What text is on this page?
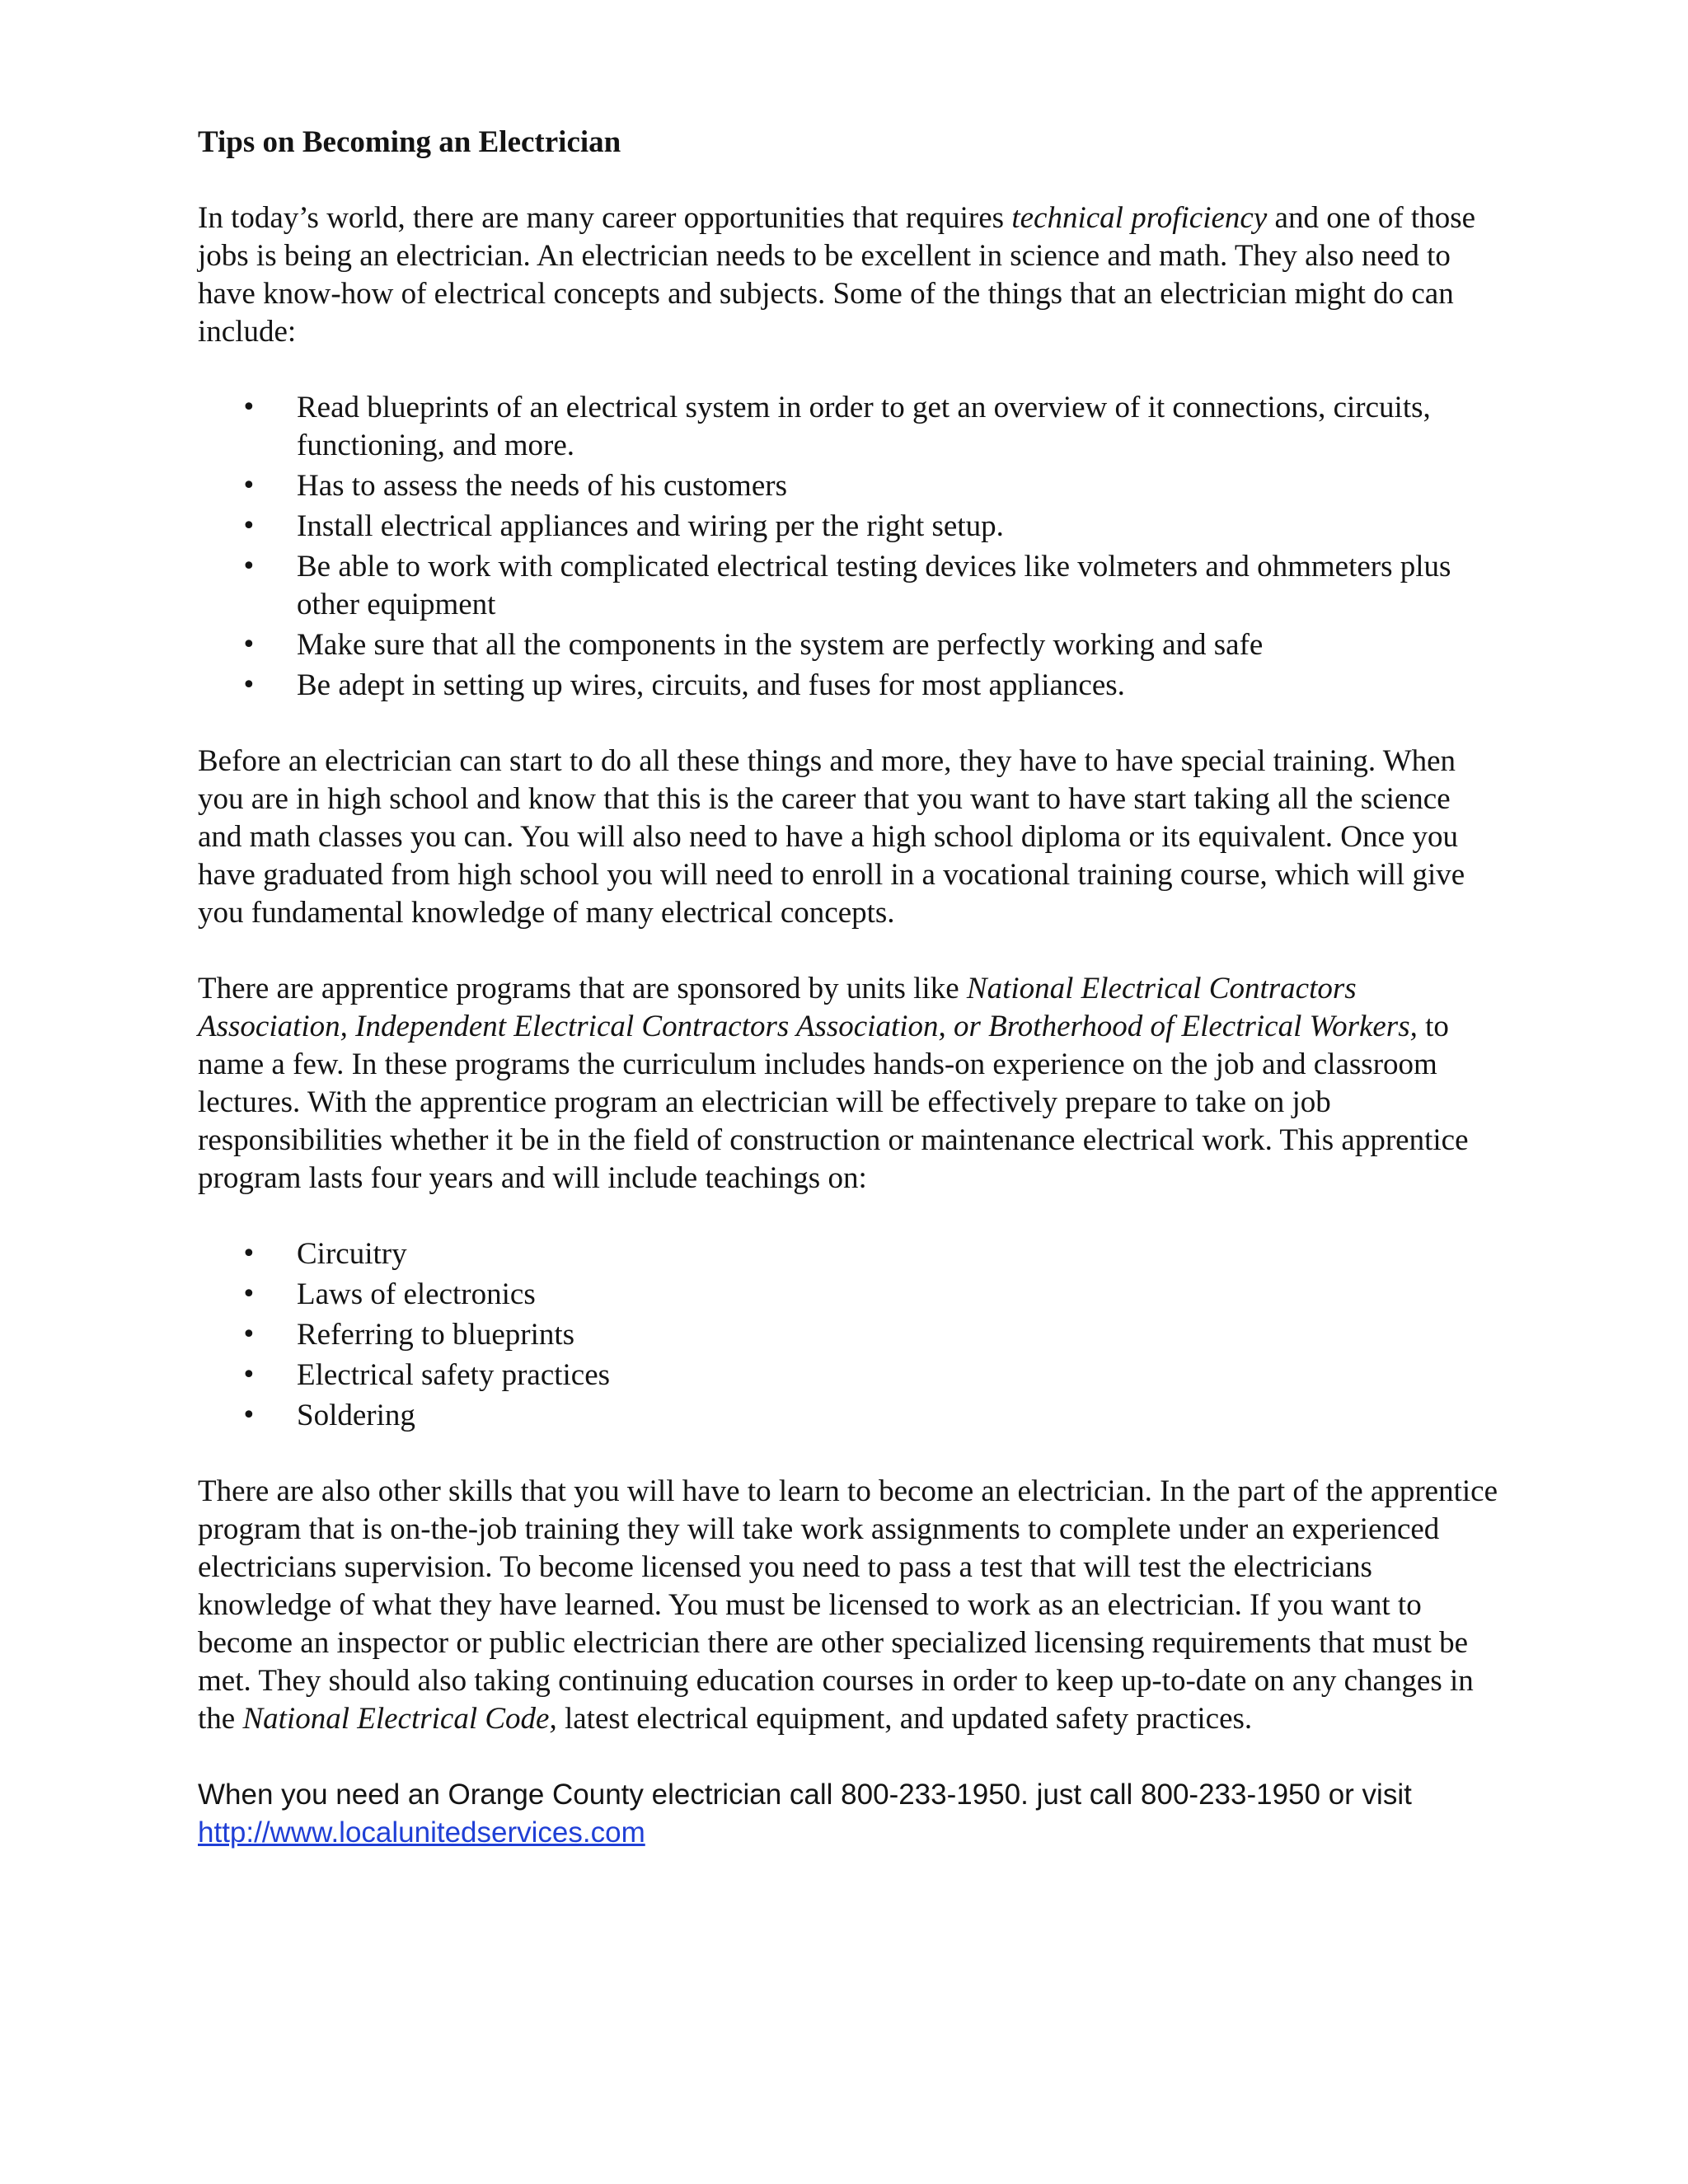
Tips on Becoming an Electrician

In today’s world, there are many career opportunities that requires technical proficiency and one of those jobs is being an electrician. An electrician needs to be excellent in science and math. They also need to have know-how of electrical concepts and subjects. Some of the things that an electrician might do can include:

• Read blueprints of an electrical system in order to get an overview of it connections, circuits, functioning, and more.
• Has to assess the needs of his customers
• Install electrical appliances and wiring per the right setup.
• Be able to work with complicated electrical testing devices like volmeters and ohmmeters plus other equipment
• Make sure that all the components in the system are perfectly working and safe
• Be adept in setting up wires, circuits, and fuses for most appliances.

Before an electrician can start to do all these things and more, they have to have special training. When you are in high school and know that this is the career that you want to have start taking all the science and math classes you can. You will also need to have a high school diploma or its equivalent. Once you have graduated from high school you will need to enroll in a vocational training course, which will give you fundamental knowledge of many electrical concepts.

There are apprentice programs that are sponsored by units like National Electrical Contractors Association, Independent Electrical Contractors Association, or Brotherhood of Electrical Workers, to name a few. In these programs the curriculum includes hands-on experience on the job and classroom lectures. With the apprentice program an electrician will be effectively prepare to take on job responsibilities whether it be in the field of construction or maintenance electrical work. This apprentice program lasts four years and will include teachings on:

• Circuitry
• Laws of electronics
• Referring to blueprints
• Electrical safety practices
• Soldering

There are also other skills that you will have to learn to become an electrician. In the part of the apprentice program that is on-the-job training they will take work assignments to complete under an experienced electricians supervision. To become licensed you need to pass a test that will test the electricians knowledge of what they have learned. You must be licensed to work as an electrician. If you want to become an inspector or public electrician there are other specialized licensing requirements that must be met. They should also taking continuing education courses in order to keep up-to-date on any changes in the National Electrical Code, latest electrical equipment, and updated safety practices.

When you need an Orange County electrician call 800-233-1950. just call 800-233-1950 or visit
http://www.localunitedservices.com
